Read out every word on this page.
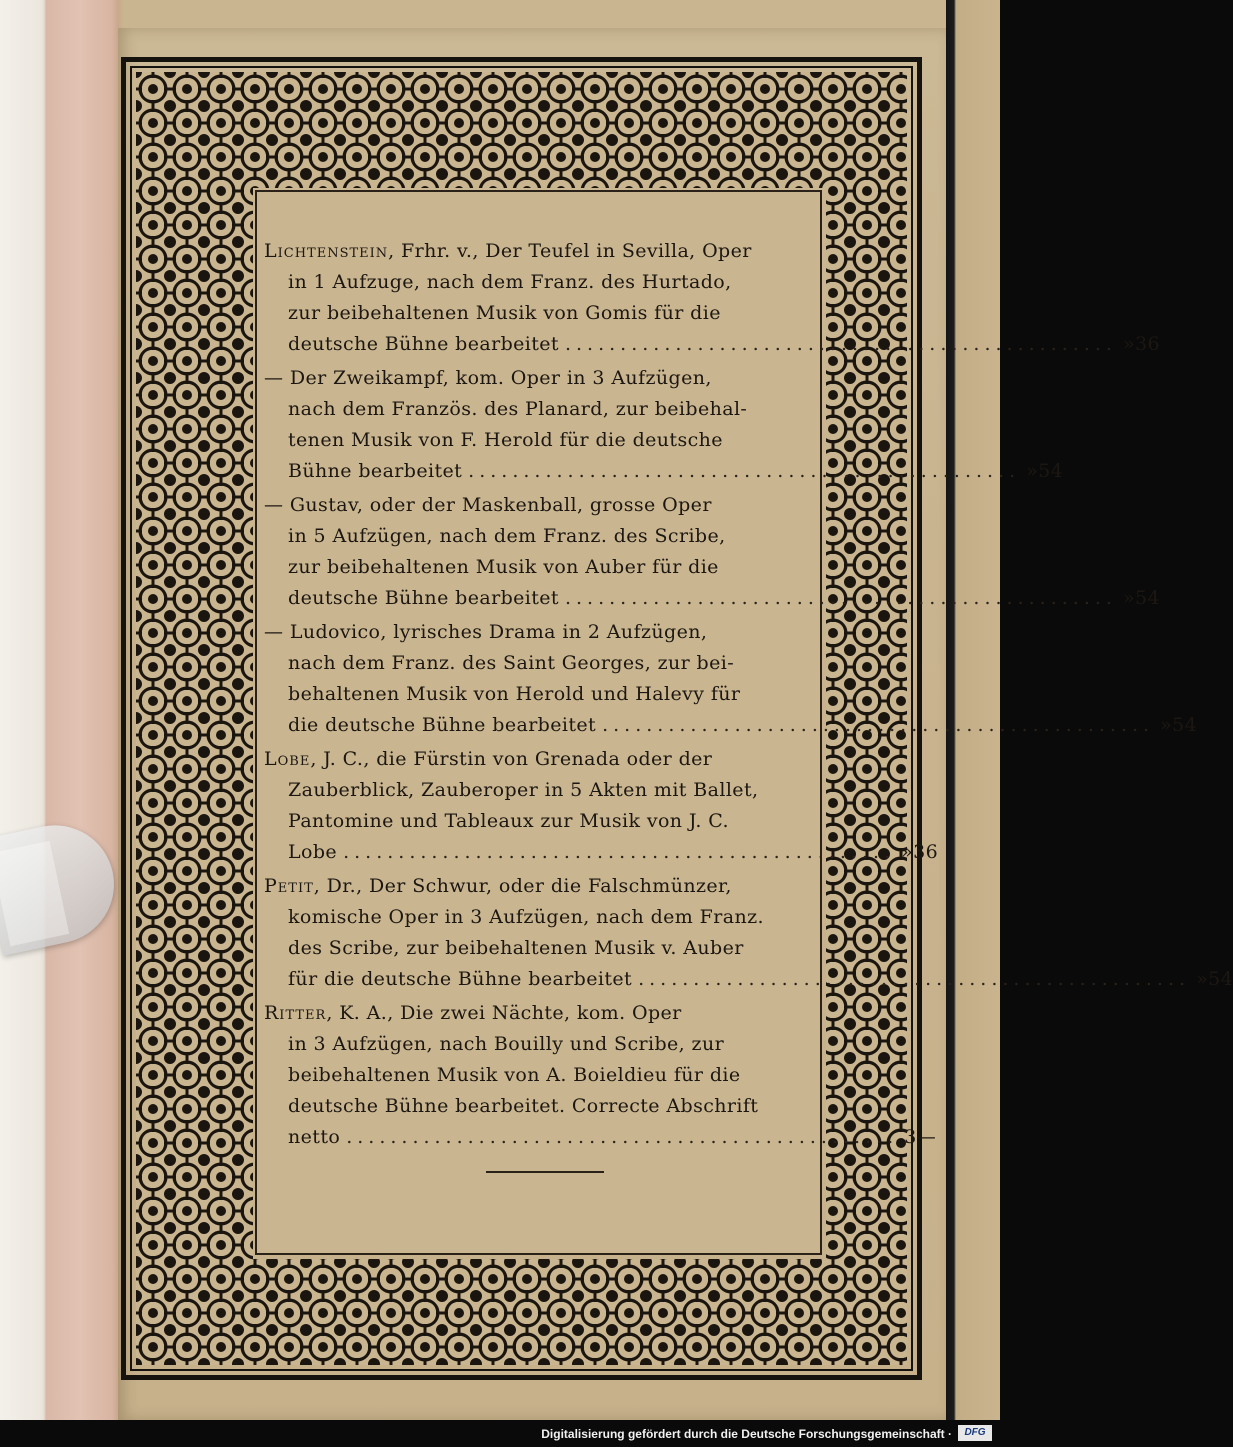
Lichtenstein, Frhr. v., Der Teufel in Sevilla, Oper
in 1 Aufzuge, nach dem Franz. des Hurtado,
zur beibehaltenen Musik von Gomis für die
deutsche Bühne bearbeitet .................................................. » 36
— Der Zweikampf, kom. Oper in 3 Aufzügen,
nach dem Französ. des Planard, zur beibehal-
tenen Musik von F. Herold für die deutsche
Bühne bearbeitet .................................................. » 54
— Gustav, oder der Maskenball, grosse Oper
in 5 Aufzügen, nach dem Franz. des Scribe,
zur beibehaltenen Musik von Auber für die
deutsche Bühne bearbeitet .................................................. » 54
— Ludovico, lyrisches Drama in 2 Aufzügen,
nach dem Franz. des Saint Georges, zur bei-
behaltenen Musik von Herold und Halevy für
die deutsche Bühne bearbeitet .................................................. » 54
Lobe, J. C., die Fürstin von Grenada oder der
Zauberblick, Zauberoper in 5 Akten mit Ballet,
Pantomine und Tableaux zur Musik von J. C.
Lobe .................................................. » 36
Petit, Dr., Der Schwur, oder die Falschmünzer,
komische Oper in 3 Aufzügen, nach dem Franz.
des Scribe, zur beibehaltenen Musik v. Auber
für die deutsche Bühne bearbeitet .................................................. » 54
Ritter, K. A., Die zwei Nächte, kom. Oper
in 3 Aufzügen, nach Bouilly und Scribe, zur
beibehaltenen Musik von A. Boieldieu für die
deutsche Bühne bearbeitet. Correcte Abschrift
netto .................................................. 3 —
Digitalisierung gefördert durch die Deutsche Forschungsgemeinschaft ·	DFG
